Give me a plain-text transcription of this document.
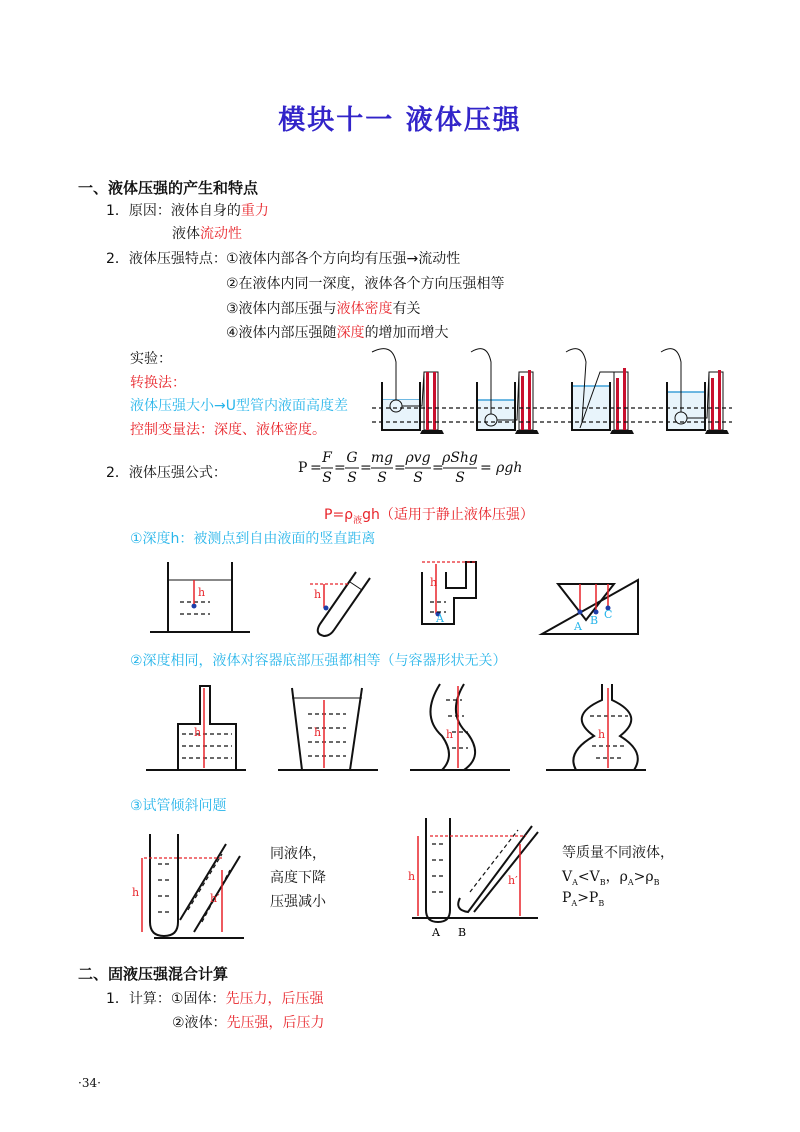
模块十一 液体压强
一、液体压强的产生和特点
1．原因：液体自身的重力
液体流动性
2．液体压强特点： ①液体内部各个方向均有压强→流动性
②在液体内同一深度，液体各个方向压强相等
③液体内部压强与液体密度有关
④液体内部压强随深度的增加而增大
实验：
转换法：
液体压强大小→U型管内液面高度差
控制变量法：深度、液体密度。
2．液体压强公式：	P =
F
S
=
G
S
=
mg
S
=
ρvg
S
=
ρShg
S
= ρgh
$P=\rho_液gh$（适用于静止液体压强）
①深度h：被测点到自由液面的竖直距离
h	h
h
A
A B C
②深度相同，液体对容器底部压强都相等（与容器形状无关）
h	h	h	h
③试管倾斜问题
h	h′
同液体，
高度下降
压强减小
h	h′
A B
等质量不同液体，
$V_A<V_B$，$\rho_A>\rho_B$
$P_A>P_B$
二、固液压强混合计算
1．计算：①固体：先压力，后压强
②液体：先压强，后压力
·34·
